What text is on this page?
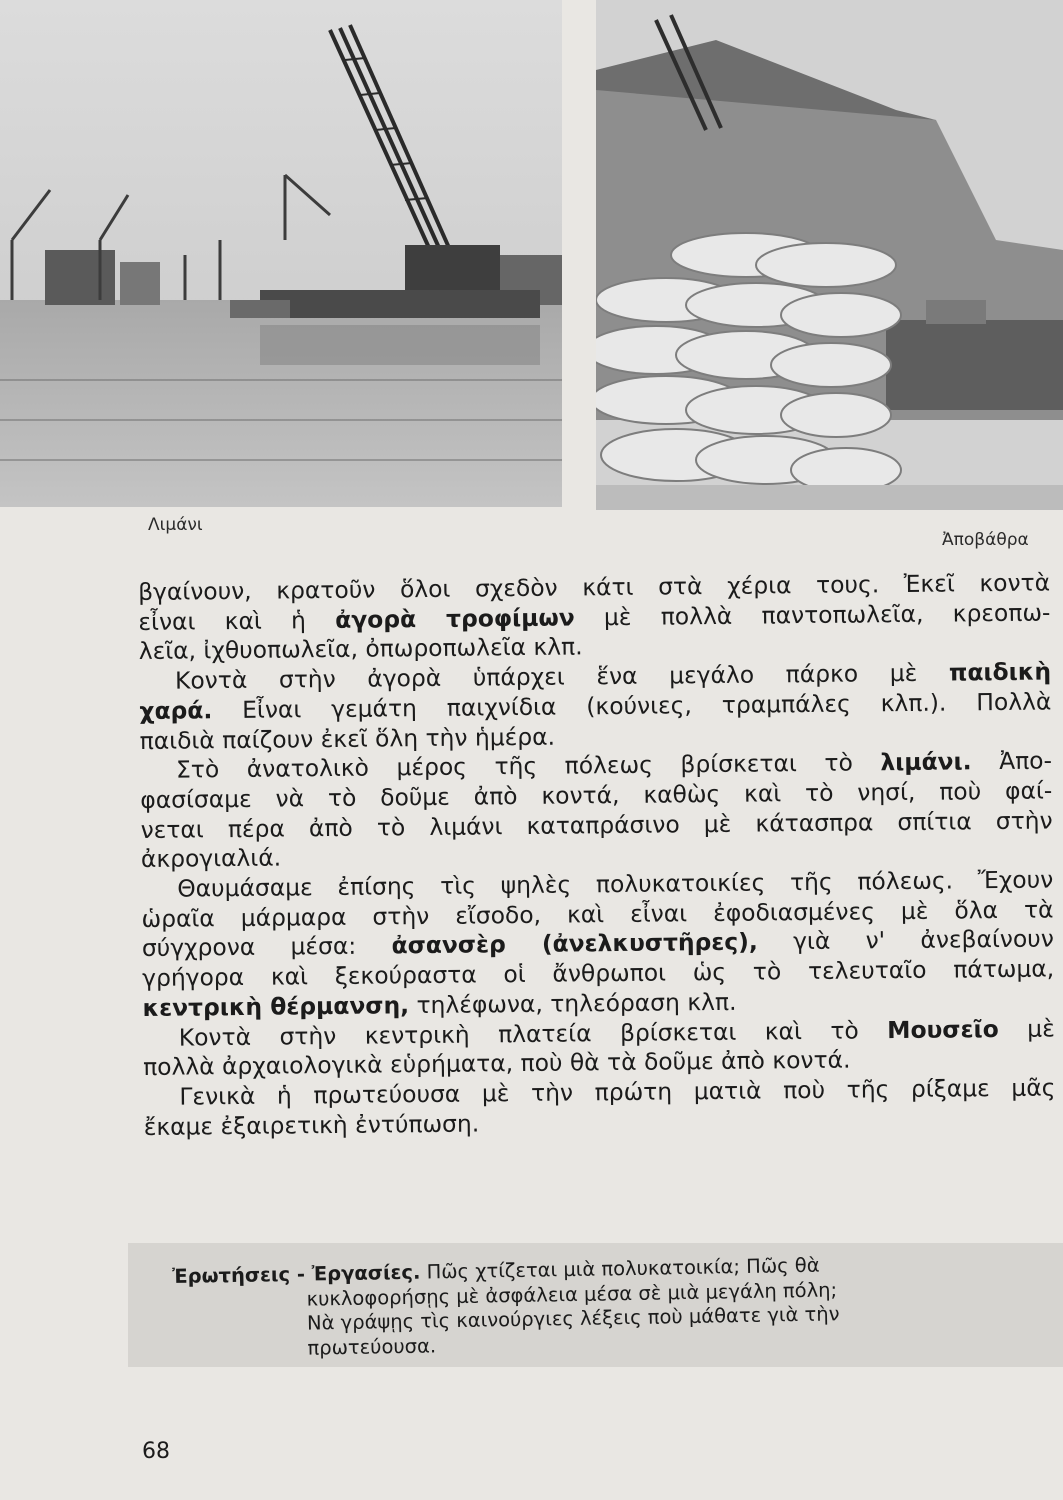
Λιμάνι
Ἀποβάθρα

βγαίνουν, κρατοῦν ὅλοι σχεδὸν κάτι στὰ χέρια τους. Ἐκεῖ κοντὰ
εἶναι καὶ ἡ ἀγορὰ τροφίμων μὲ πολλὰ παντοπωλεῖα, κρεοπω-
λεῖα, ἰχθυοπωλεῖα, ὀπωροπωλεῖα κλπ.

Κοντὰ στὴν ἀγορὰ ὑπάρχει ἕνα μεγάλο πάρκο μὲ παιδικὴ
χαρά. Εἶναι γεμάτη παιχνίδια (κούνιες, τραμπάλες κλπ.). Πολλὰ
παιδιὰ παίζουν ἐκεῖ ὅλη τὴν ἡμέρα.

Στὸ ἀνατολικὸ μέρος τῆς πόλεως βρίσκεται τὸ λιμάνι. Ἀπο-
φασίσαμε νὰ τὸ δοῦμε ἀπὸ κοντά, καθὼς καὶ τὸ νησί, ποὺ φαί-
νεται πέρα ἀπὸ τὸ λιμάνι καταπράσινο μὲ κάτασπρα σπίτια στὴν
ἀκρογιαλιά.

Θαυμάσαμε ἐπίσης τὶς ψηλὲς πολυκατοικίες τῆς πόλεως. Ἔχουν
ὡραῖα μάρμαρα στὴν εἴσοδο, καὶ εἶναι ἐφοδιασμένες μὲ ὅλα τὰ
σύγχρονα μέσα: ἀσανσὲρ (ἀνελκυστῆρες), γιὰ ν' ἀνεβαίνουν
γρήγορα καὶ ξεκούραστα οἱ ἄνθρωποι ὡς τὸ τελευταῖο πάτωμα,
κεντρικὴ θέρμανση, τηλέφωνα, τηλεόραση κλπ.

Κοντὰ στὴν κεντρικὴ πλατεία βρίσκεται καὶ τὸ Μουσεῖο μὲ
πολλὰ ἀρχαιολογικὰ εὑρήματα, ποὺ θὰ τὰ δοῦμε ἀπὸ κοντά.

Γενικὰ ἡ πρωτεύουσα μὲ τὴν πρώτη ματιὰ ποὺ τῆς ρίξαμε μᾶς
ἔκαμε ἐξαιρετικὴ ἐντύπωση.

Ἐρωτήσεις - Ἐργασίες. Πῶς χτίζεται μιὰ πολυκατοικία; Πῶς θὰ
κυκλοφορήσῃς μὲ ἀσφάλεια μέσα σὲ μιὰ μεγάλη πόλη;
Νὰ γράψῃς τὶς καινούργιες λέξεις ποὺ μάθατε γιὰ τὴν
πρωτεύουσα.
68
